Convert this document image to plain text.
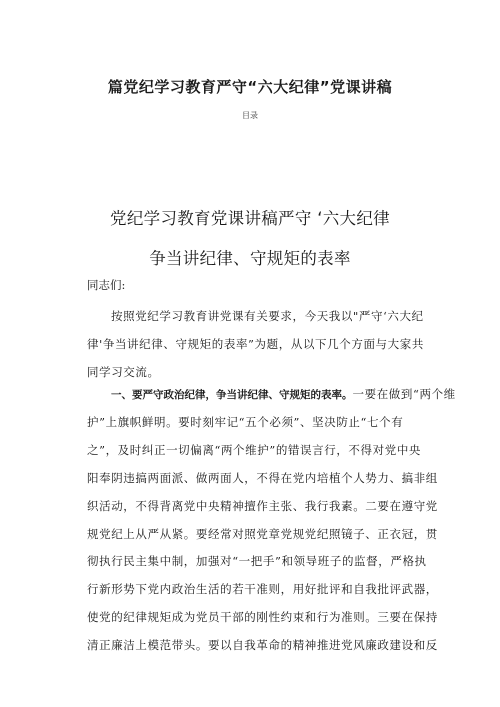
篇党纪学习教育严守“六大纪律”党课讲稿
目录
党纪学习教育党课讲稿严守 ‘六大纪律
争当讲纪律、守规矩的表率
同志们:
按照党纪学习教育讲党课有关要求，今天我以"严守‘六大纪
律'争当讲纪律、守规矩的表率”为题，从以下几个方面与大家共
同学习交流。
一、要严守政治纪律，争当讲纪律、守规矩的表率。一要在做到“两个维
护”上旗帜鲜明。要时刻牢记“五个必须”、坚决防止“七个有
之”，及时纠正一切偏离“两个维护”的错误言行，不得对党中央
阳奉阴违搞两面派、做两面人，不得在党内培植个人势力、搞非组
织活动，不得背离党中央精神擅作主张、我行我素。二要在遵守党
规党纪上从严从紧。要经常对照党章党规党纪照镜子、正衣冠，贯
彻执行民主集中制，加强对“一把手”和领导班子的监督，严格执
行新形势下党内政治生活的若干准则，用好批评和自我批评武器，
使党的纪律规矩成为党员干部的刚性约束和行为准则。三要在保持
清正廉洁上模范带头。要以自我革命的精神推进党风廉政建设和反
